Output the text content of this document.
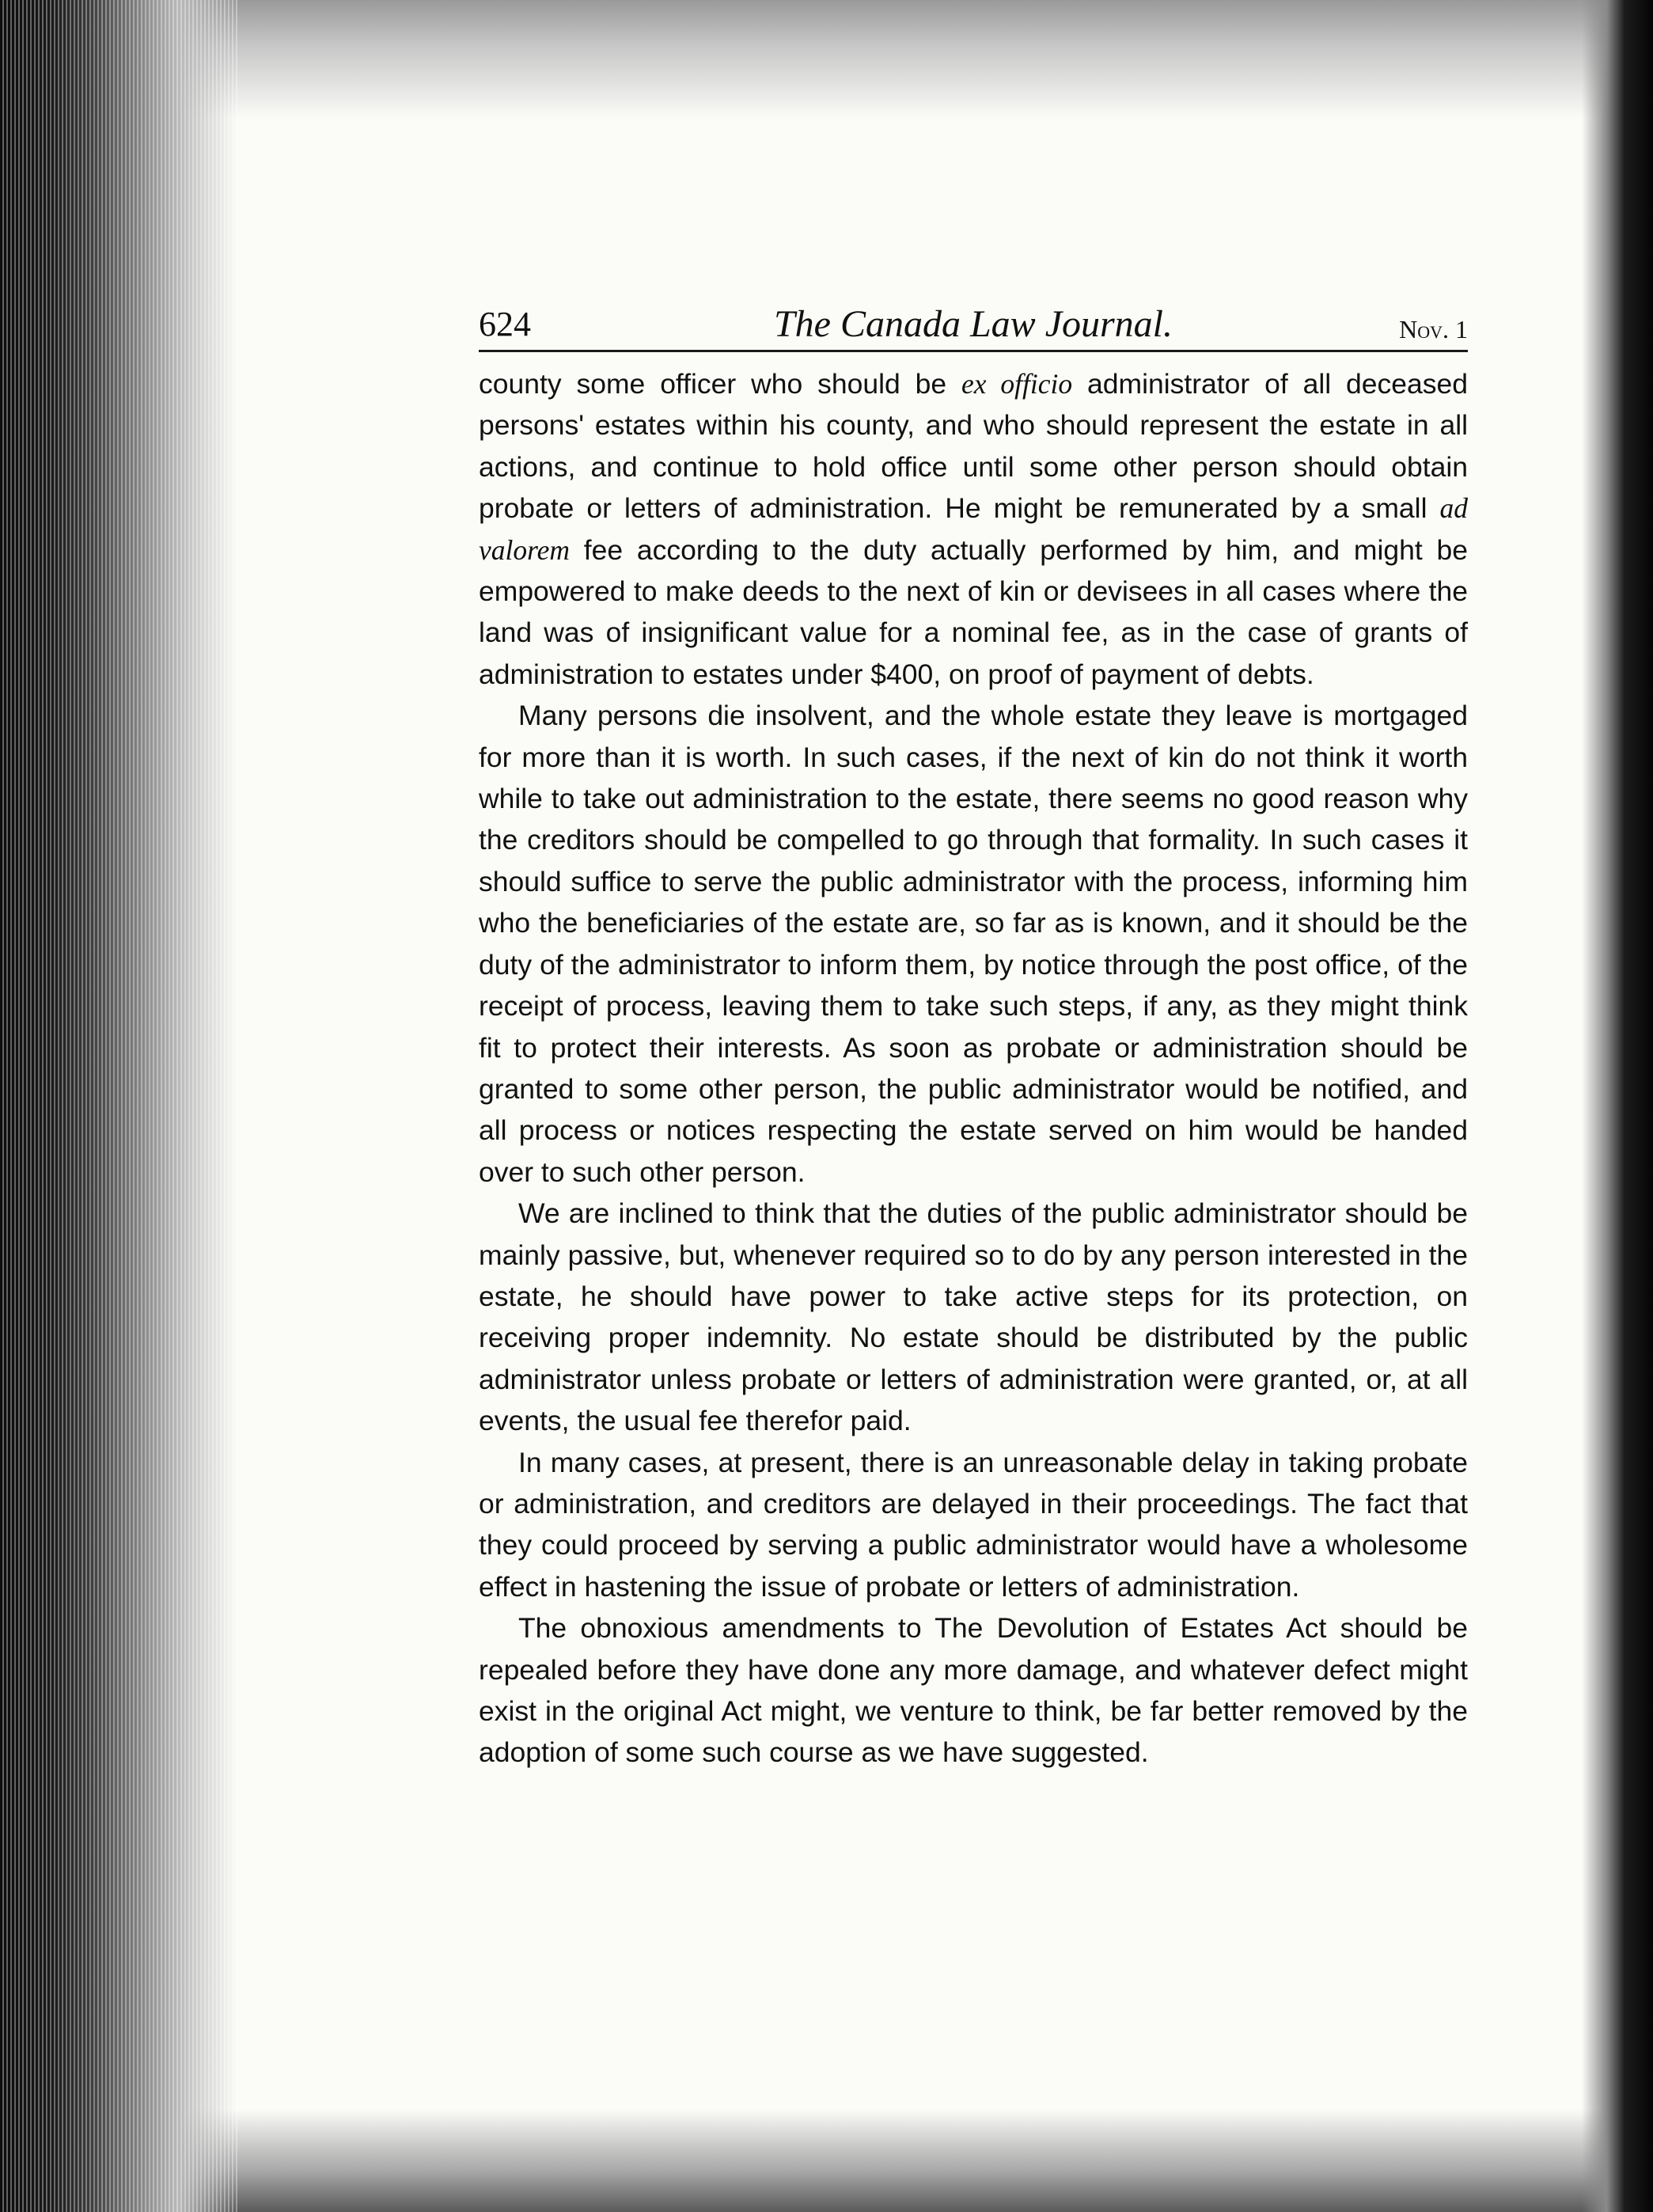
624	The Canada Law Journal.	Nov. 1

county some officer who should be ex officio administrator of all deceased persons' estates within his county, and who should represent the estate in all actions, and continue to hold office until some other person should obtain probate or letters of administration. He might be remunerated by a small ad valorem fee according to the duty actually performed by him, and might be empowered to make deeds to the next of kin or devisees in all cases where the land was of insignificant value for a nominal fee, as in the case of grants of administration to estates under $400, on proof of payment of debts.

Many persons die insolvent, and the whole estate they leave is mortgaged for more than it is worth. In such cases, if the next of kin do not think it worth while to take out administration to the estate, there seems no good reason why the creditors should be compelled to go through that formality. In such cases it should suffice to serve the public administrator with the process, informing him who the beneficiaries of the estate are, so far as is known, and it should be the duty of the administrator to inform them, by notice through the post office, of the receipt of process, leaving them to take such steps, if any, as they might think fit to protect their interests. As soon as probate or administration should be granted to some other person, the public administrator would be notified, and all process or notices respecting the estate served on him would be handed over to such other person.

We are inclined to think that the duties of the public administrator should be mainly passive, but, whenever required so to do by any person interested in the estate, he should have power to take active steps for its protection, on receiving proper indemnity. No estate should be distributed by the public administrator unless probate or letters of administration were granted, or, at all events, the usual fee therefor paid.

In many cases, at present, there is an unreasonable delay in taking probate or administration, and creditors are delayed in their proceedings. The fact that they could proceed by serving a public administrator would have a wholesome effect in hastening the issue of probate or letters of administration.

The obnoxious amendments to The Devolution of Estates Act should be repealed before they have done any more damage, and whatever defect might exist in the original Act might, we venture to think, be far better removed by the adoption of some such course as we have suggested.
